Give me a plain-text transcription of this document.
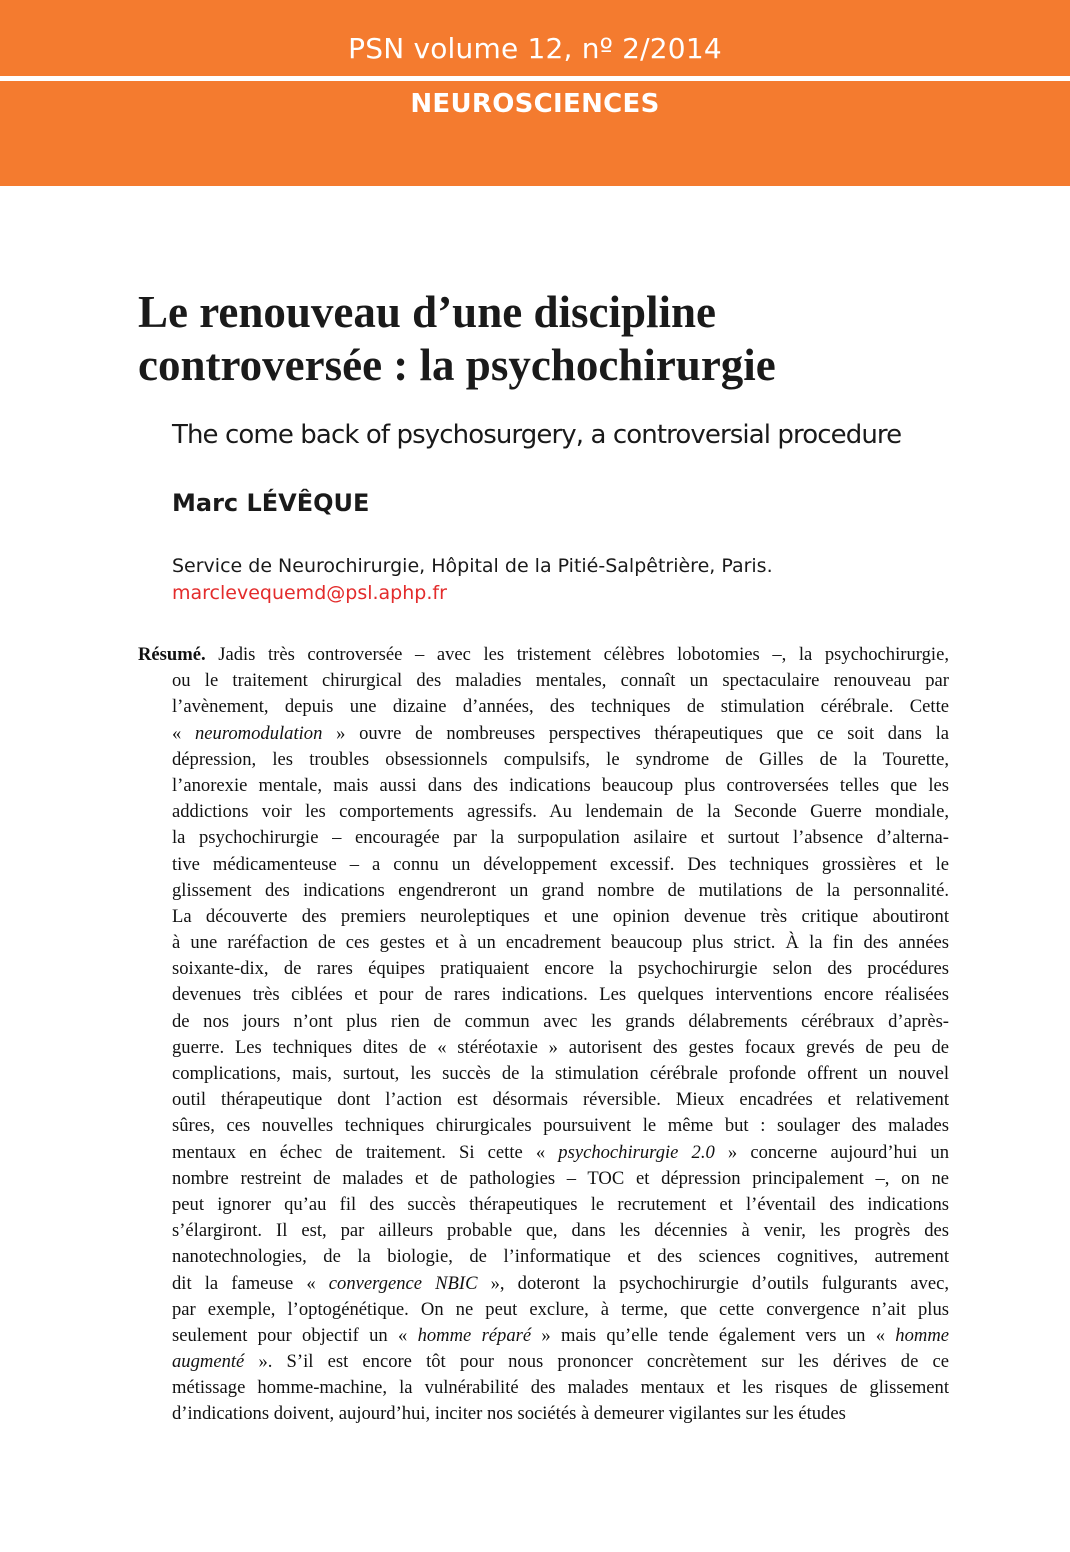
PSN volume 12, nº 2/2014
NEUROSCIENCES
Le renouveau d’une discipline
controversée : la psychochirurgie
The come back of psychosurgery, a controversial procedure
Marc LÉVÊQUE
Service de Neurochirurgie, Hôpital de la Pitié-Salpêtrière, Paris.
marclevequemd@psl.aphp.fr
Résumé. Jadis très controversée – avec les tristement célèbres lobotomies –, la psychochirurgie,
ou le traitement chirurgical des maladies mentales, connaît un spectaculaire renouveau par
l’avènement, depuis une dizaine d’années, des techniques de stimulation cérébrale. Cette
« neuromodulation » ouvre de nombreuses perspectives thérapeutiques que ce soit dans la
dépression, les troubles obsessionnels compulsifs, le syndrome de Gilles de la Tourette,
l’anorexie mentale, mais aussi dans des indications beaucoup plus controversées telles que les
addictions voir les comportements agressifs. Au lendemain de la Seconde Guerre mondiale,
la psychochirurgie – encouragée par la surpopulation asilaire et surtout l’absence d’alterna-
tive médicamenteuse – a connu un développement excessif. Des techniques grossières et le
glissement des indications engendreront un grand nombre de mutilations de la personnalité.
La découverte des premiers neuroleptiques et une opinion devenue très critique aboutiront
à une raréfaction de ces gestes et à un encadrement beaucoup plus strict. À la fin des années
soixante-dix, de rares équipes pratiquaient encore la psychochirurgie selon des procédures
devenues très ciblées et pour de rares indications. Les quelques interventions encore réalisées
de nos jours n’ont plus rien de commun avec les grands délabrements cérébraux d’après-
guerre. Les techniques dites de « stéréotaxie » autorisent des gestes focaux grevés de peu de
complications, mais, surtout, les succès de la stimulation cérébrale profonde offrent un nouvel
outil thérapeutique dont l’action est désormais réversible. Mieux encadrées et relativement
sûres, ces nouvelles techniques chirurgicales poursuivent le même but : soulager des malades
mentaux en échec de traitement. Si cette « psychochirurgie 2.0 » concerne aujourd’hui un
nombre restreint de malades et de pathologies – TOC et dépression principalement –, on ne
peut ignorer qu’au fil des succès thérapeutiques le recrutement et l’éventail des indications
s’élargiront. Il est, par ailleurs probable que, dans les décennies à venir, les progrès des
nanotechnologies, de la biologie, de l’informatique et des sciences cognitives, autrement
dit la fameuse « convergence NBIC », doteront la psychochirurgie d’outils fulgurants avec,
par exemple, l’optogénétique. On ne peut exclure, à terme, que cette convergence n’ait plus
seulement pour objectif un « homme réparé » mais qu’elle tende également vers un « homme
augmenté ». S’il est encore tôt pour nous prononcer concrètement sur les dérives de ce
métissage homme-machine, la vulnérabilité des malades mentaux et les risques de glissement
d’indications doivent, aujourd’hui, inciter nos sociétés à demeurer vigilantes sur les études
